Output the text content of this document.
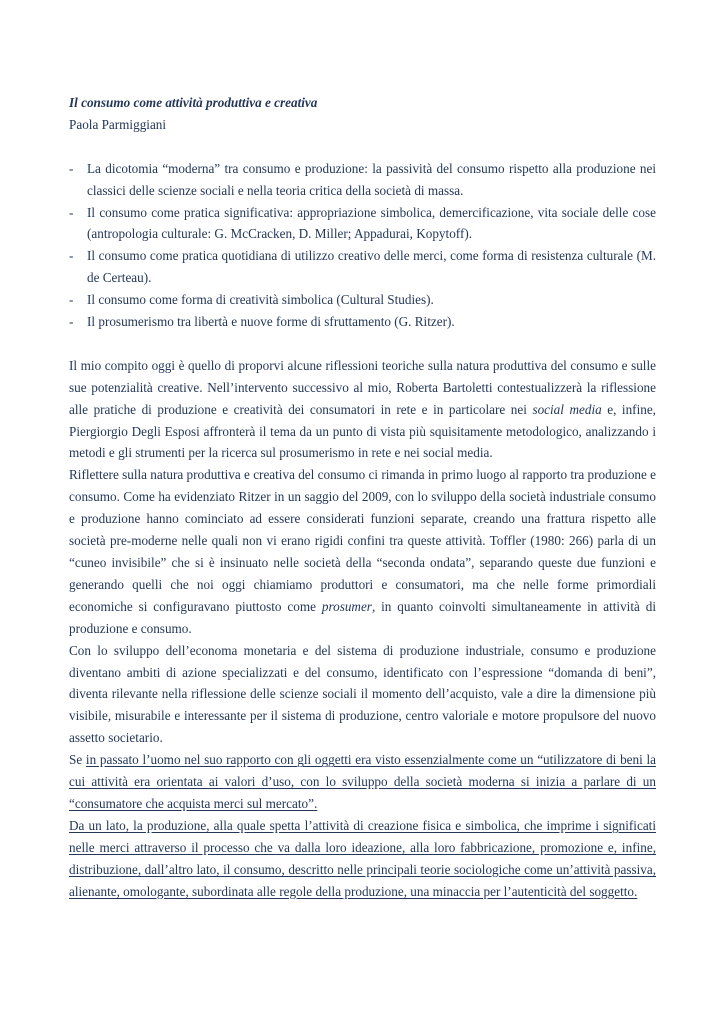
Il consumo come attività produttiva e creativa

Paola Parmiggiani

- La dicotomia “moderna” tra consumo e produzione: la passività del consumo rispetto alla produzione nei classici delle scienze sociali e nella teoria critica della società di massa.
- Il consumo come pratica significativa: appropriazione simbolica, demercificazione, vita sociale delle cose (antropologia culturale: G. McCracken, D. Miller; Appadurai, Kopytoff).
- Il consumo come pratica quotidiana di utilizzo creativo delle merci, come forma di resistenza culturale (M. de Certeau).
- Il consumo come forma di creatività simbolica (Cultural Studies).
- Il prosumerismo tra libertà e nuove forme di sfruttamento (G. Ritzer).

Il mio compito oggi è quello di proporvi alcune riflessioni teoriche sulla natura produttiva del consumo e sulle sue potenzialità creative. Nell’intervento successivo al mio, Roberta Bartoletti contestualizzerà la riflessione alle pratiche di produzione e creatività dei consumatori in rete e in particolare nei social media e, infine, Piergiorgio Degli Esposi affronterà il tema da un punto di vista più squisitamente metodologico, analizzando i metodi e gli strumenti per la ricerca sul prosumerismo in rete e nei social media.

Riflettere sulla natura produttiva e creativa del consumo ci rimanda in primo luogo al rapporto tra produzione e consumo. Come ha evidenziato Ritzer in un saggio del 2009, con lo sviluppo della società industriale consumo e produzione hanno cominciato ad essere considerati funzioni separate, creando una frattura rispetto alle società pre-moderne nelle quali non vi erano rigidi confini tra queste attività. Toffler (1980: 266) parla di un “cuneo invisibile” che si è insinuato nelle società della “seconda ondata”, separando queste due funzioni e generando quelli che noi oggi chiamiamo produttori e consumatori, ma che nelle forme primordiali economiche si configuravano piuttosto come prosumer, in quanto coinvolti simultaneamente in attività di produzione e consumo.

Con lo sviluppo dell’economa monetaria e del sistema di produzione industriale, consumo e produzione diventano ambiti di azione specializzati e del consumo, identificato con l’espressione “domanda di beni”, diventa rilevante nella riflessione delle scienze sociali il momento dell’acquisto, vale a dire la dimensione più visibile, misurabile e interessante per il sistema di produzione, centro valoriale e motore propulsore del nuovo assetto societario.

Se in passato l’uomo nel suo rapporto con gli oggetti era visto essenzialmente come un “utilizzatore di beni la cui attività era orientata ai valori d’uso, con lo sviluppo della società moderna si inizia a parlare di un “consumatore che acquista merci sul mercato”.

Da un lato, la produzione, alla quale spetta l’attività di creazione fisica e simbolica, che imprime i significati nelle merci attraverso il processo che va dalla loro ideazione, alla loro fabbricazione, promozione e, infine, distribuzione, dall’altro lato, il consumo, descritto nelle principali teorie sociologiche come un’attività passiva, alienante, omologante, subordinata alle regole della produzione, una minaccia per l’autenticità del soggetto.
